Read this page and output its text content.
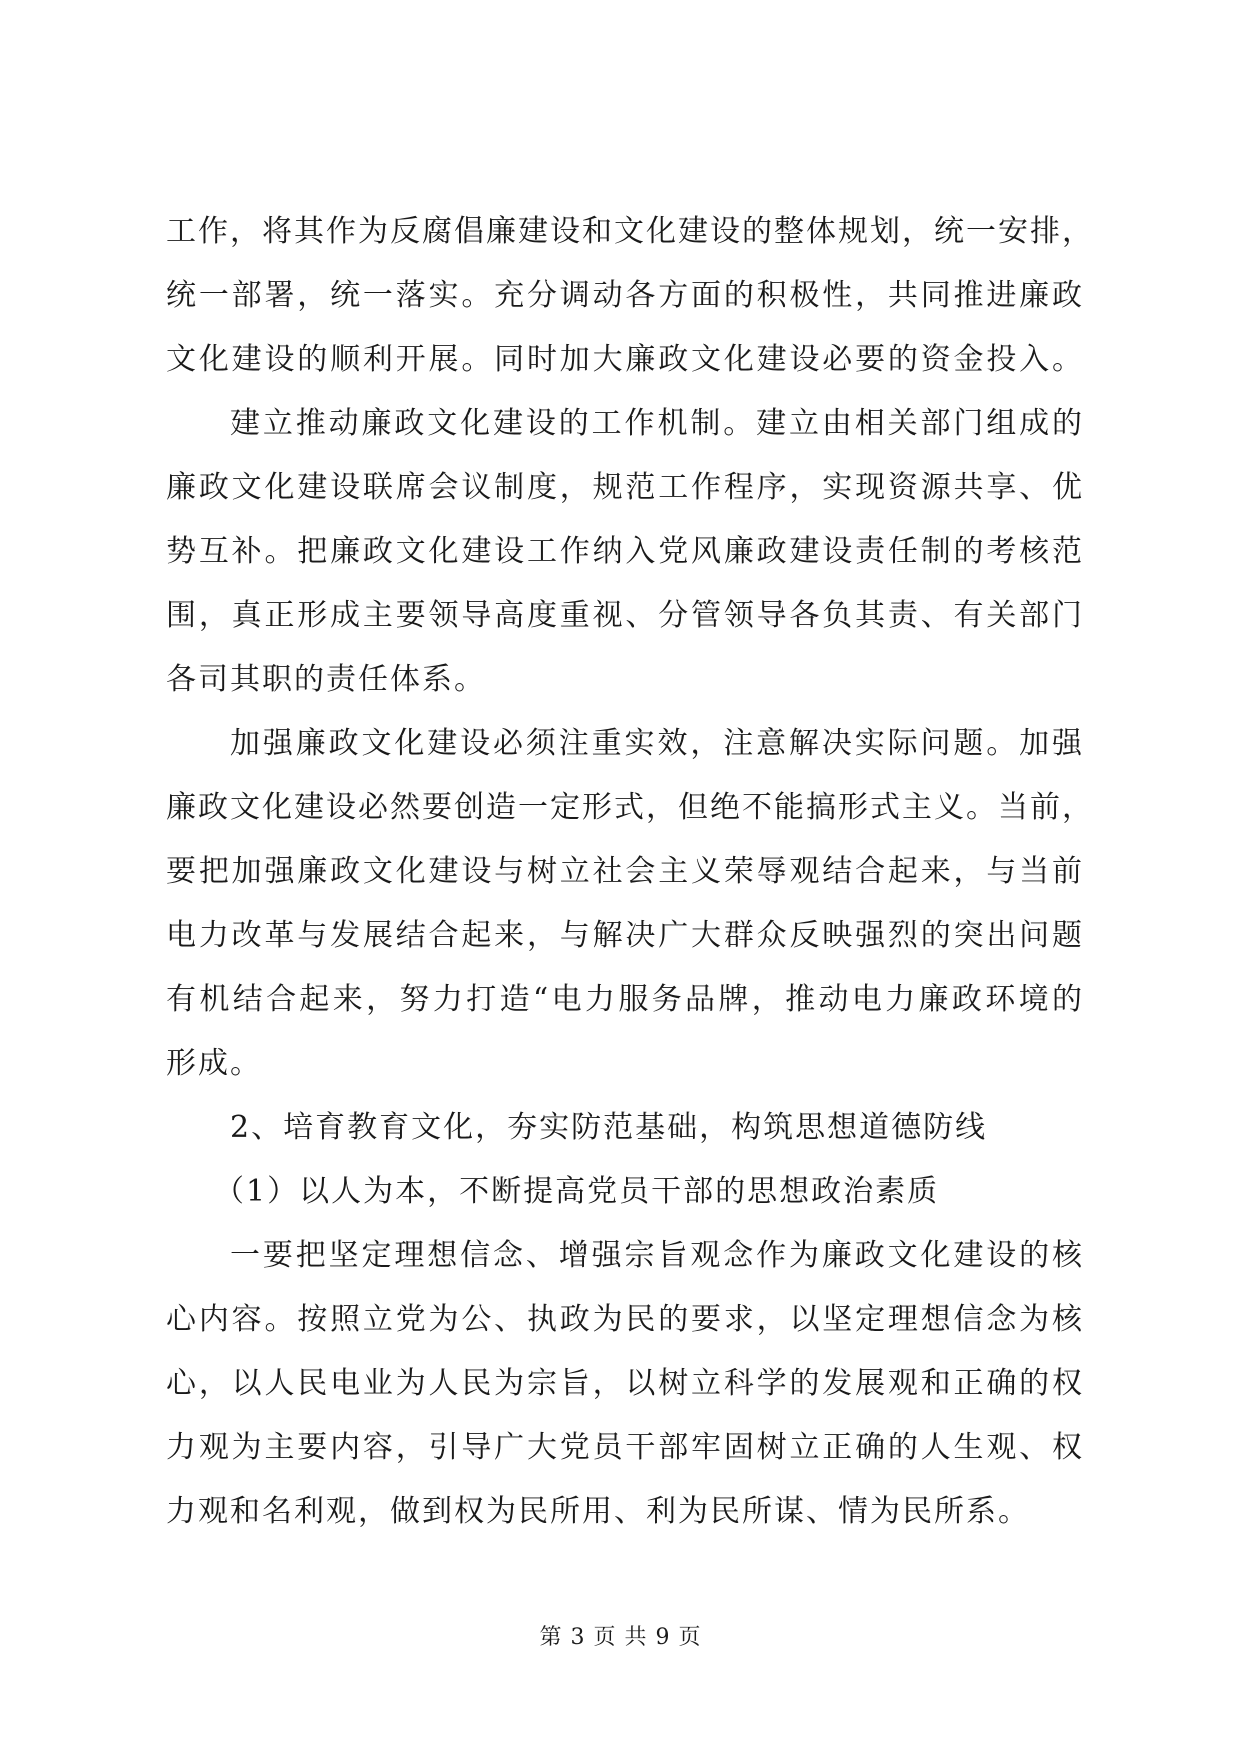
工作，将其作为反腐倡廉建设和文化建设的整体规划，统一安排，
统一部署，统一落实。充分调动各方面的积极性，共同推进廉政
文化建设的顺利开展。同时加大廉政文化建设必要的资金投入。
建立推动廉政文化建设的工作机制。建立由相关部门组成的
廉政文化建设联席会议制度，规范工作程序，实现资源共享、优
势互补。把廉政文化建设工作纳入党风廉政建设责任制的考核范
围，真正形成主要领导高度重视、分管领导各负其责、有关部门
各司其职的责任体系。
加强廉政文化建设必须注重实效，注意解决实际问题。加强
廉政文化建设必然要创造一定形式，但绝不能搞形式主义。当前，
要把加强廉政文化建设与树立社会主义荣辱观结合起来，与当前
电力改革与发展结合起来，与解决广大群众反映强烈的突出问题
有机结合起来，努力打造“电力服务品牌，推动电力廉政环境的
形成。
2、培育教育文化，夯实防范基础，构筑思想道德防线
（1）以人为本，不断提高党员干部的思想政治素质
一要把坚定理想信念、增强宗旨观念作为廉政文化建设的核
心内容。按照立党为公、执政为民的要求，以坚定理想信念为核
心，以人民电业为人民为宗旨，以树立科学的发展观和正确的权
力观为主要内容，引导广大党员干部牢固树立正确的人生观、权
力观和名利观，做到权为民所用、利为民所谋、情为民所系。
第 3 页 共 9 页
